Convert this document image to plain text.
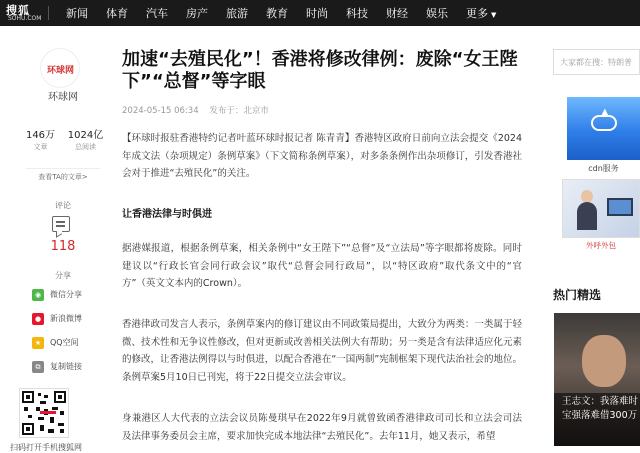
搜狐
SOHU.COM 新闻 体育 汽车 房产 旅游 教育 时尚 科技 财经 娱乐 更多 ▼
环球网
环球网
146万
文章
1024亿
总阅读
查看TA的文章>
评论
118
分享
◉	微信分享
●	新浪微博
★	QQ空间
⧉	复制链接
扫码打开手机搜狐网
加速“去殖民化”！香港将修改律例：废除“女王陛下”“总督”等字眼
2024-05-15 06:34 发布于：北京市

【环球时报驻香港特约记者叶蓝环球时报记者 陈青青】香港特区政府日前向立法会提交《2024年成文法（杂项规定）条例草案》（下文简称条例草案），对多条条例作出杂项修订，引发香港社会对于推进“去殖民化”的关注。

让香港法律与时俱进

据港媒报道，根据条例草案，相关条例中“女王陛下”“总督”及“立法局”等字眼都将废除。同时建议以“行政长官会同行政会议”取代“总督会同行政局”，以“特区政府”取代条文中的“官方”（英文文本内的Crown）。

香港律政司发言人表示，条例草案内的修订建议由不同政策局提出，大致分为两类：一类属于轻微、技术性和无争议性修改，但对更新或改善相关法例大有帮助；另一类是含有法律适应化元素的修改，让香港法例得以与时俱进，以配合香港在“一国两制”宪制框架下现代法治社会的地位。条例草案5月10日已刊宪，将于22日提交立法会审议。

身兼港区人大代表的立法会议员陈曼琪早在2022年9月就曾致函香港律政司司长和立法会司法及法律事务委员会主席，要求加快完成本地法律“去殖民化”。去年11月，她又表示，希望

大家都在搜：特朗普
▲
cdn服务
外呼外包
热门精选
王志文：我落难时宝强落难借300万
